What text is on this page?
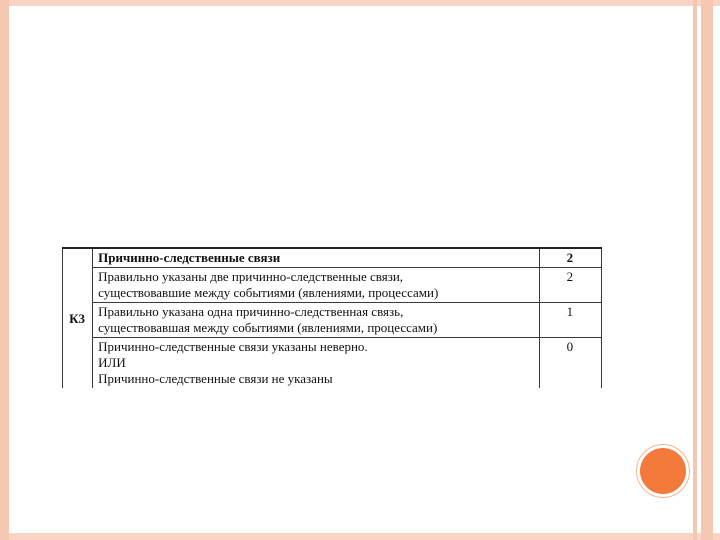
К3	Причинно-следственные связи	2

	Правильно указаны две причинно-следственные связи,
существовавшие между событиями (явлениями, процессами)	2

	Правильно указана одна причинно-следственная связь,
существовавшая между событиями (явлениями, процессами)	1

	Причинно-следственные связи указаны неверно.
ИЛИ
Причинно-следственные связи не указаны	0
